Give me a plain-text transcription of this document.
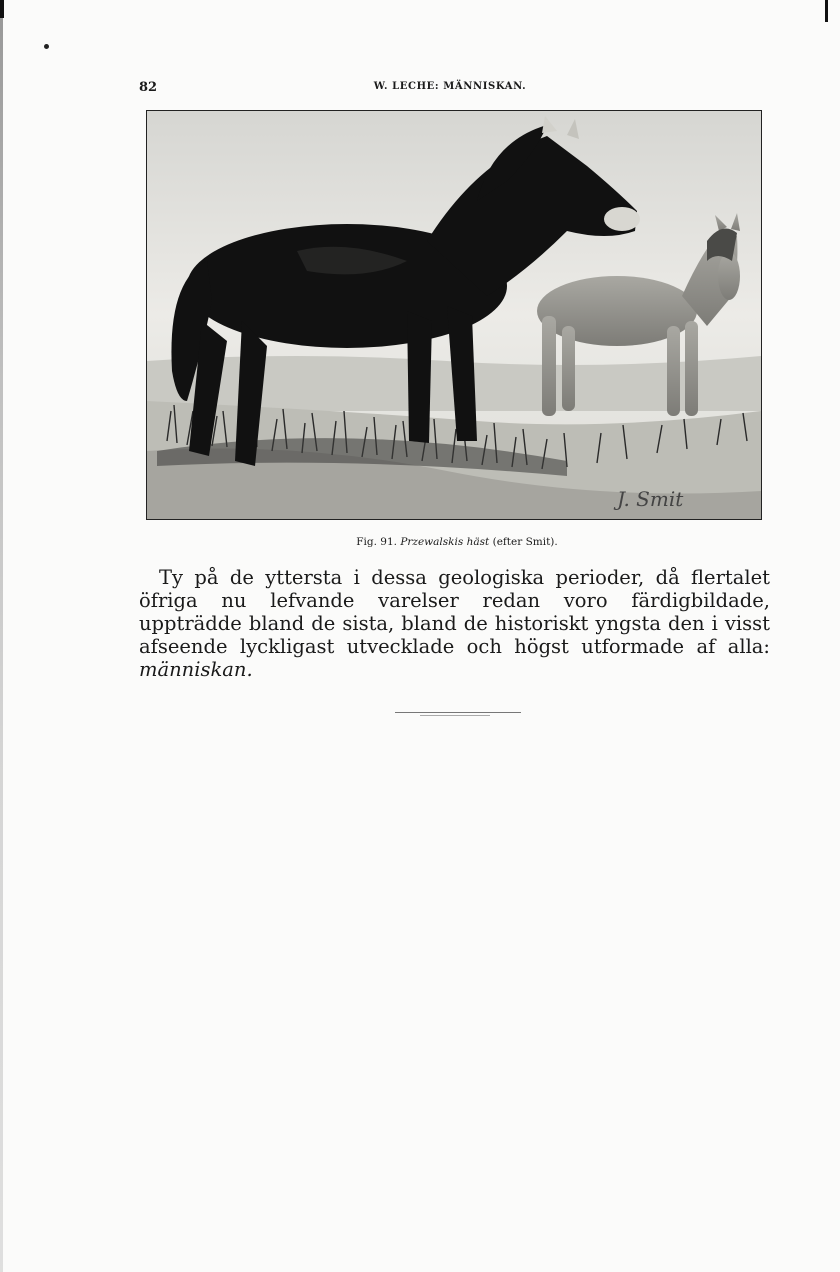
82	W. LECHE: MÄNNISKAN.
J. Smit
Fig. 91. Przewalskis häst (efter Smit).

Ty på de yttersta i dessa geologiska perioder, då flertalet öfriga nu lefvande varelser redan voro färdigbildade, uppträdde bland de sista, bland de historiskt yngsta den i visst afseende lyckligast utvecklade och högst utformade af alla: människan.
